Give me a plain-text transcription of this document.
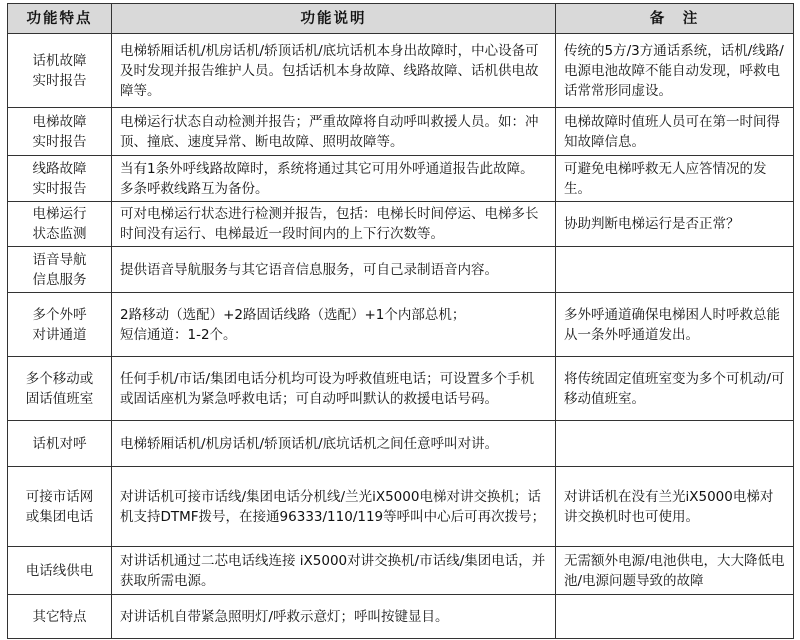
功能特点	功能说明	备　注
话机故障
实时报告	电梯轿厢话机/机房话机/轿顶话机/底坑话机本身出故障时，中心设备可及时发现并报告维护人员。包括话机本身故障、线路故障、话机供电故障等。	传统的5方/3方通话系统，话机/线路/电源电池故障不能自动发现，呼救电话常常形同虚设。
电梯故障
实时报告	电梯运行状态自动检测并报告；严重故障将自动呼叫救援人员。如：冲顶、撞底、速度异常、断电故障、照明故障等。	电梯故障时值班人员可在第一时间得知故障信息。
线路故障
实时报告	当有1条外呼线路故障时，系统将通过其它可用外呼通道报告此故障。多条呼救线路互为备份。	可避免电梯呼救无人应答情况的发生。
电梯运行
状态监测	可对电梯运行状态进行检测并报告，包括：电梯长时间停运、电梯多长时间没有运行、电梯最近一段时间内的上下行次数等。	协助判断电梯运行是否正常？
语音导航
信息服务	提供语音导航服务与其它语音信息服务，可自己录制语音内容。	
多个外呼
对讲通道	2路移动（选配）+2路固话线路（选配）+1个内部总机；
短信通道：1-2个。	多外呼通道确保电梯困人时呼救总能从一条外呼通道发出。
多个移动或
固话值班室	任何手机/市话/集团电话分机均可设为呼救值班电话；可设置多个手机或固话座机为紧急呼救电话；可自动呼叫默认的救援电话号码。	将传统固定值班室变为多个可机动/可移动值班室。
话机对呼	电梯轿厢话机/机房话机/轿顶话机/底坑话机之间任意呼叫对讲。	
可接市话网
或集团电话	对讲话机可接市话线/集团电话分机线/兰光iX5000电梯对讲交换机；话机支持DTMF拨号，在接通96333/110/119等呼叫中心后可再次拨号；	对讲话机在没有兰光iX5000电梯对讲交换机时也可使用。
电话线供电	对讲话机通过二芯电话线连接 iX5000对讲交换机/市话线/集团电话，并获取所需电源。	无需额外电源/电池供电，大大降低电池/电源问题导致的故障
其它特点	对讲话机自带紧急照明灯/呼救示意灯；呼叫按键显目。	
